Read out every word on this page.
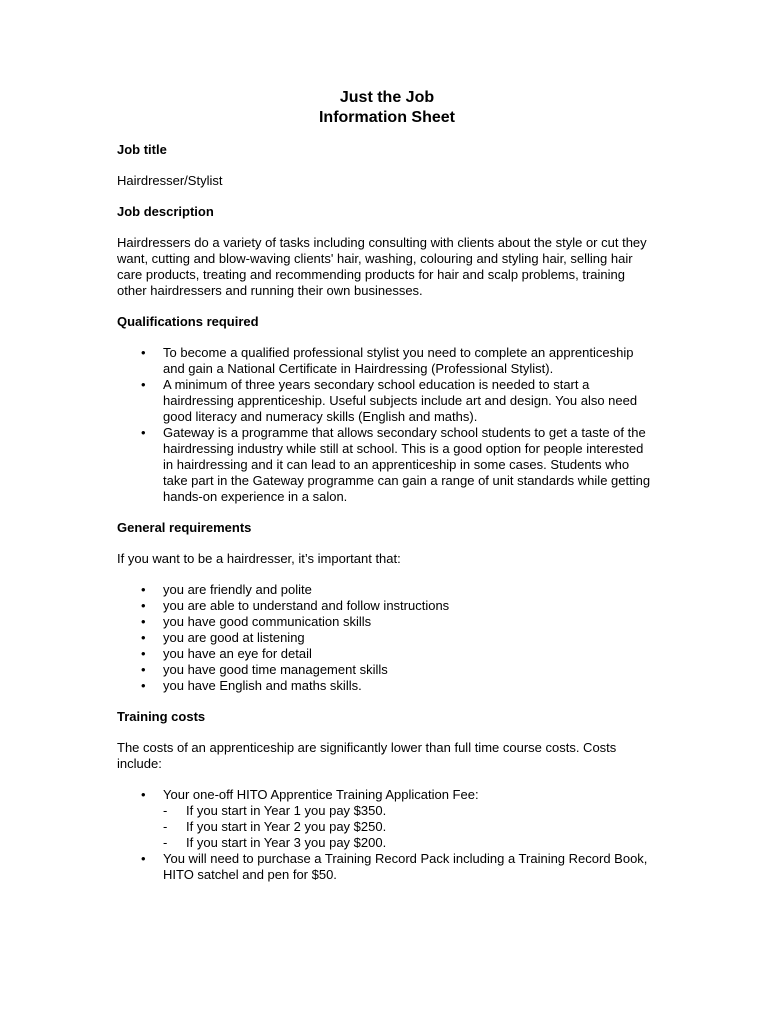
Just the Job
Information Sheet
Job title

Hairdresser/Stylist

Job description

Hairdressers do a variety of tasks including consulting with clients about the style or cut they want, cutting and blow-waving clients' hair, washing, colouring and styling hair, selling hair care products, treating and recommending products for hair and scalp problems, training other hairdressers and running their own businesses.

Qualifications required
• To become a qualified professional stylist you need to complete an apprenticeship and gain a National Certificate in Hairdressing (Professional Stylist).
• A minimum of three years secondary school education is needed to start a hairdressing apprenticeship. Useful subjects include art and design. You also need good literacy and numeracy skills (English and maths).
• Gateway is a programme that allows secondary school students to get a taste of the hairdressing industry while still at school. This is a good option for people interested in hairdressing and it can lead to an apprenticeship in some cases. Students who take part in the Gateway programme can gain a range of unit standards while getting hands-on experience in a salon.
General requirements

If you want to be a hairdresser, it’s important that:

• you are friendly and polite
• you are able to understand and follow instructions
• you have good communication skills
• you are good at listening
• you have an eye for detail
• you have good time management skills
• you have English and maths skills.
Training costs

The costs of an apprenticeship are significantly lower than full time course costs. Costs include:

• Your one-off HITO Apprentice Training Application Fee:
- If you start in Year 1 you pay $350.
- If you start in Year 2 you pay $250.
- If you start in Year 3 you pay $200.
• You will need to purchase a Training Record Pack including a Training Record Book, HITO satchel and pen for $50.
